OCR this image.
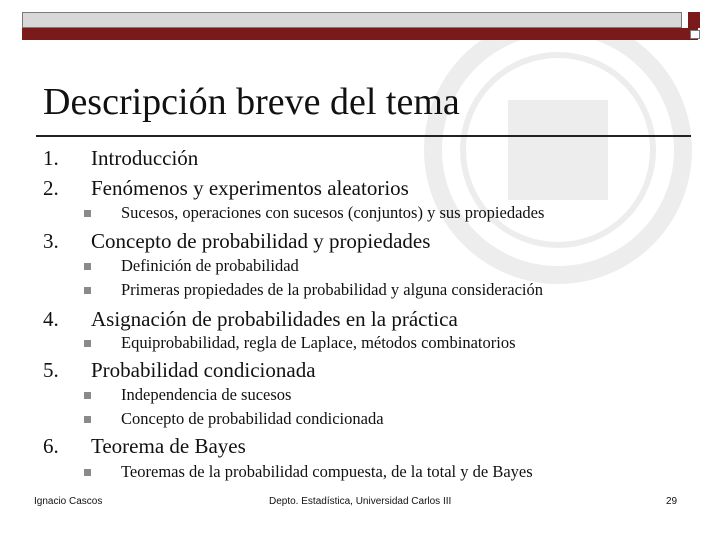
Descripción breve del tema
1. Introducción
2. Fenómenos y experimentos aleatorios
Sucesos, operaciones con sucesos (conjuntos) y sus propiedades
3. Concepto de probabilidad y propiedades
Definición de probabilidad
Primeras propiedades de la probabilidad y alguna consideración
4. Asignación de probabilidades en la práctica
Equiprobabilidad, regla de Laplace, métodos combinatorios
5. Probabilidad condicionada
Independencia de sucesos
Concepto de probabilidad condicionada
6. Teorema de Bayes
Teoremas de la probabilidad compuesta, de la total y de Bayes
Ignacio Cascos	Depto. Estadística, Universidad Carlos III	29
